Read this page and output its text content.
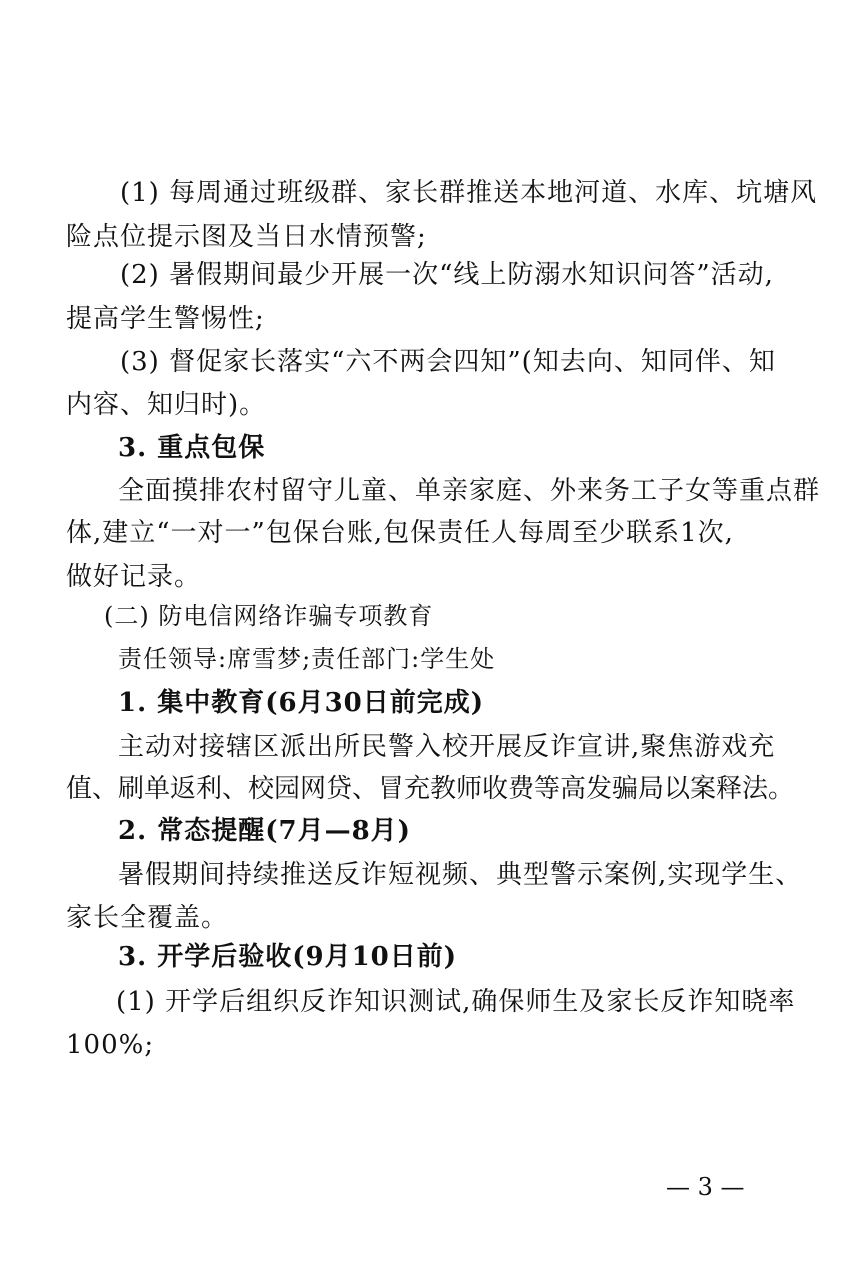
(1) 每周通过班级群、家长群推送本地河道、水库、坑塘风
险点位提示图及当日水情预警;
(2) 暑假期间最少开展一次“线上防溺水知识问答”活动,
提高学生警惕性;
(3) 督促家长落实“六不两会四知”(知去向、知同伴、知
内容、知归时)。
3. 重点包保
全面摸排农村留守儿童、单亲家庭、外来务工子女等重点群
体,建立“一对一”包保台账,包保责任人每周至少联系1次,
做好记录。
(二) 防电信网络诈骗专项教育
责任领导:席雪梦;责任部门:学生处
1. 集中教育(6月30日前完成)
主动对接辖区派出所民警入校开展反诈宣讲,聚焦游戏充
值、刷单返利、校园网贷、冒充教师收费等高发骗局以案释法。
2. 常态提醒(7月—8月)
暑假期间持续推送反诈短视频、典型警示案例,实现学生、
家长全覆盖。
3. 开学后验收(9月10日前)
(1) 开学后组织反诈知识测试,确保师生及家长反诈知晓率
100%;
— 3 —
